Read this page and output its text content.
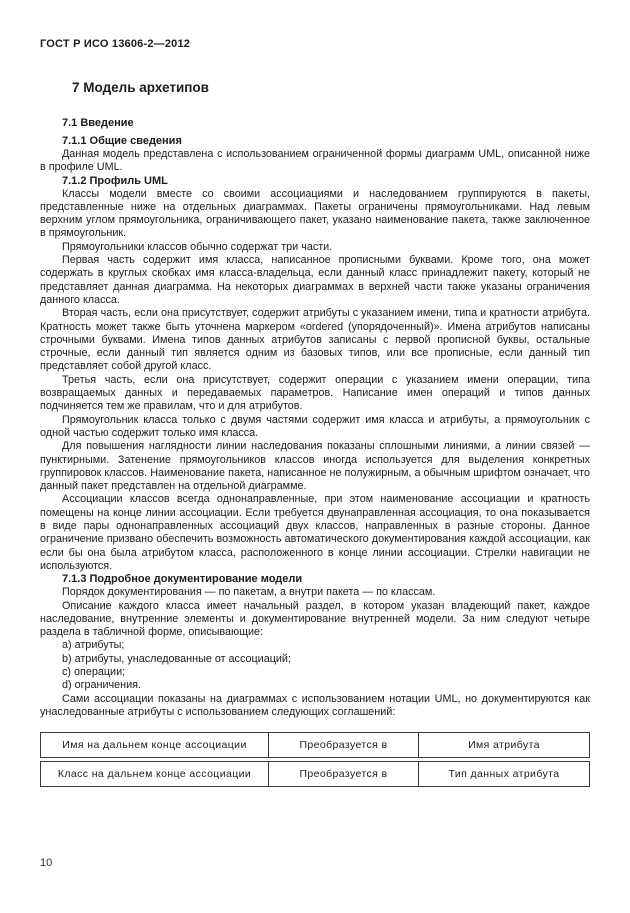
ГОСТ Р ИСО 13606-2—2012
7 Модель архетипов
7.1 Введение
7.1.1 Общие сведения
Данная модель представлена с использованием ограниченной формы диаграмм UML, описанной ниже в профиле UML.
7.1.2 Профиль UML
Классы модели вместе со своими ассоциациями и наследованием группируются в пакеты, представленные ниже на отдельных диаграммах. Пакеты ограничены прямоугольниками. Над левым верхним углом прямоугольника, ограничивающего пакет, указано наименование пакета, также заключенное в прямоугольник.
Прямоугольники классов обычно содержат три части.
Первая часть содержит имя класса, написанное прописными буквами. Кроме того, она может содержать в круглых скобках имя класса-владельца, если данный класс принадлежит пакету, который не представляет данная диаграмма. На некоторых диаграммах в верхней части также указаны ограничения данного класса.
Вторая часть, если она присутствует, содержит атрибуты с указанием имени, типа и кратности атрибута. Кратность может также быть уточнена маркером «ordered (упорядоченный)». Имена атрибутов написаны строчными буквами. Имена типов данных атрибутов записаны с первой прописной буквы, остальные строчные, если данный тип является одним из базовых типов, или все прописные, если данный тип представляет собой другой класс.
Третья часть, если она присутствует, содержит операции с указанием имени операции, типа возвращаемых данных и передаваемых параметров. Написание имен операций и типов данных подчиняется тем же правилам, что и для атрибутов.
Прямоугольник класса только с двумя частями содержит имя класса и атрибуты, а прямоугольник с одной частью содержит только имя класса.
Для повышения наглядности линии наследования показаны сплошными линиями, а линии связей — пунктирными. Затенение прямоугольников классов иногда используется для выделения конкретных группировок классов. Наименование пакета, написанное не полужирным, а обычным шрифтом означает, что данный пакет представлен на отдельной диаграмме.
Ассоциации классов всегда однонаправленные, при этом наименование ассоциации и кратность помещены на конце линии ассоциации. Если требуется двунаправленная ассоциация, то она показывается в виде пары однонаправленных ассоциаций двух классов, направленных в разные стороны. Данное ограничение призвано обеспечить возможность автоматического документирования каждой ассоциации, как если бы она была атрибутом класса, расположенного в конце линии ассоциации. Стрелки навигации не используются.
7.1.3 Подробное документирование модели
Порядок документирования — по пакетам, а внутри пакета — по классам.
Описание каждого класса имеет начальный раздел, в котором указан владеющий пакет, каждое наследование, внутренние элементы и документирование внутренней модели. За ним следуют четыре раздела в табличной форме, описывающие:
a) атрибуты;
b) атрибуты, унаследованные от ассоциаций;
c) операции;
d) ограничения.
Сами ассоциации показаны на диаграммах с использованием нотации UML, но документируются как унаследованные атрибуты с использованием следующих соглашений:
Имя на дальнем конце ассоциации	Преобразуется в	Имя атрибута
Класс на дальнем конце ассоциации	Преобразуется в	Тип данных атрибута
10
